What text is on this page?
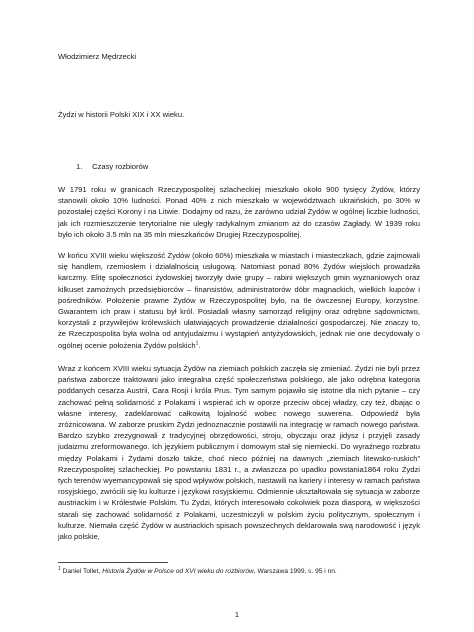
Włodzimierz Mędrzecki
Żydzi w historii Polski XIX i XX wieku.
1. Czasy rozbiorów
W 1791 roku w granicach Rzeczypospolitej szlacheckiej mieszkało około 900 tysięcy Żydów, którzy stanowili około 10% ludności. Ponad 40% z nich mieszkało w województwach ukraińskich, po 30% w pozostałej części Korony i na Litwie. Dodajmy od razu, że zarówno udział Żydów w ogólnej liczbie ludności, jak ich rozmieszczenie terytorialne nie uległy radykalnym zmianom aż do czasów Zagłady. W 1939 roku było ich około 3.5 mln na 35 mln mieszkańców Drugiej Rzeczypospolitej.
W końcu XVIII wieku większość Żydów (około 60%) mieszkała w miastach i miasteczkach, gdzie zajmowali się handlem, rzemiosłem i działalnością usługową. Natomiast ponad 80% Żydów wiejskich prowadziła karczmy. Elitę społeczności żydowskiej tworzyły dwie grupy – rabini większych gmin wyznaniowych oraz kilkuset zamożnych przedsiębiorców – finansistów, administratorów dóbr magnackich, wielkich kupców i pośredników. Położenie prawne Żydów w Rzeczypospolitej było, na tle ówczesnej Europy, korzystne. Gwarantem ich praw i statusu był król. Posiadali własny samorząd religijny oraz odrębne sądownictwo, korzystali z przywilejów królewskich ułatwiających prowadzenie działalności gospodarczej. Nie znaczy to, że Rzeczpospolita była wolna od antyjudaizmu i wystąpień antyżydowskich, jednak nie one decydowały o ogólnej ocenie położenia Żydów polskich$^1$.
Wraz z końcem XVIII wieku sytuacja Żydów na ziemiach polskich zaczęła się zmieniać. Żydzi nie byli przez państwa zaborcze traktowani jako integralna część społeczeństwa polskiego, ale jako odrębna kategoria poddanych cesarza Austrii, Cara Rosji i króla Prus. Tym samym pojawiło się istotne dla nich pytanie – czy zachować pełną solidarność z Polakami i wspierać ich w oporze przeciw obcej władzy, czy też, dbając o własne interesy, zadeklarować całkowitą lojalność wobec nowego suwerena. Odpowiedź była zróżnicowana. W zaborze pruskim Żydzi jednoznacznie postawili na integrację w ramach nowego państwa. Bardzo szybko zrezygnowali z tradycyjnej obrzędowości, stroju, obyczaju oraz jidysz i przyjęli zasady judaizmu zreformowanego. Ich językiem publicznym i domowym stał się niemiecki. Do wyraźnego rozbratu między Polakami i Żydami doszło także, choć nieco później na dawnych „ziemiach litewsko-ruskich” Rzeczypospolitej szlacheckiej. Po powstaniu 1831 r., a zwłaszcza po upadku powstania1864 roku Żydzi tych terenów wyemancypowali się spod wpływów polskich, nastawili na kariery i interesy w ramach państwa rosyjskiego, zwrócili się ku kulturze i językowi rosyjskiemu. Odmiennie ukształtowała się sytuacja w zaborze austriackim i w Królestwie Polskim. Tu Żydzi, których interesowało cokolwiek poza diasporą, w większości starali się zachować solidarność z Polakami, uczestniczyli w polskim życiu politycznym, społecznym i kulturze. Niemała część Żydów w austriackich spisach powszechnych deklarowała swą narodowość i język jako polskie,
$^1$ Daniel Tollet, Historia Żydów w Polsce od XVI wieku do rozbiorów, Warszawa 1999, s. 95 i nn.
1
